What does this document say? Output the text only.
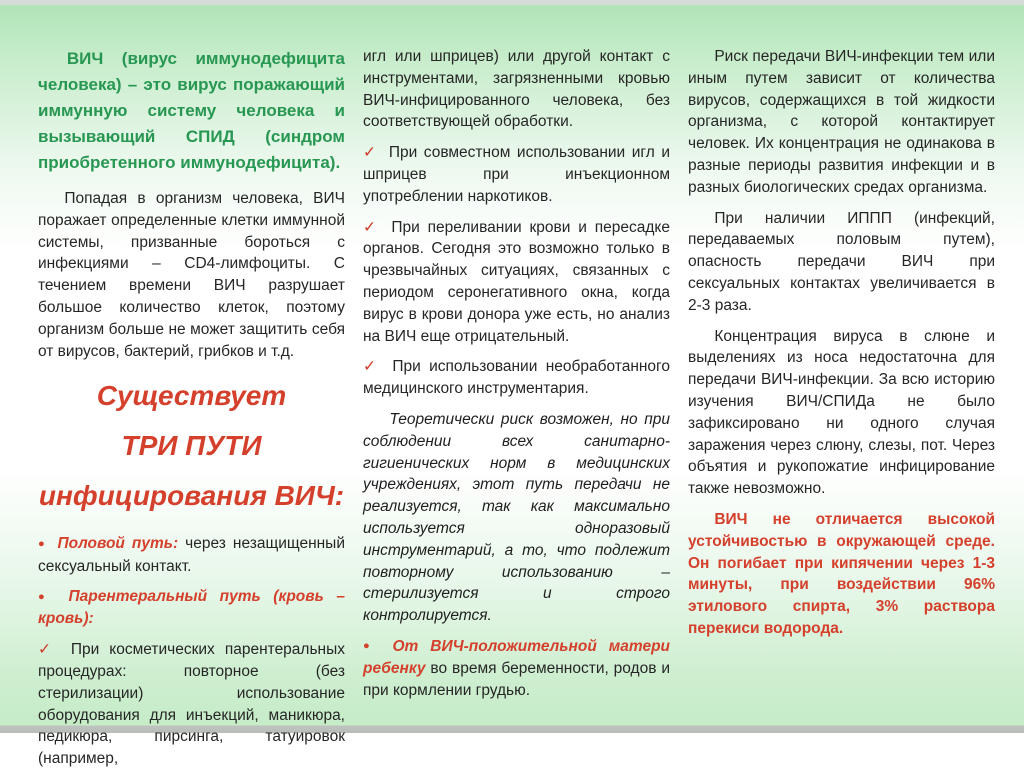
ВИЧ (вирус иммунодефицита человека) – это вирус поражающий иммунную систему человека и вызывающий СПИД (синдром приобретенного иммунодефицита).

Попадая в организм человека, ВИЧ поражает определенные клетки иммунной системы, призванные бороться с инфекциями – CD4-лимфоциты. С течением времени ВИЧ разрушает большое количество клеток, поэтому организм больше не может защитить себя от вирусов, бактерий, грибков и т.д.

Существует
ТРИ ПУТИ
инфицирования ВИЧ:

● Половой путь: через незащищенный сексуальный контакт.

● Парентеральный путь (кровь – кровь):

✓ При косметических парентеральных процедурах: повторное (без стерилизации) использование оборудования для инъекций, маникюра, педикюра, пирсинга, татуировок (например,

игл или шприцев) или другой контакт с инструментами, загрязненными кровью ВИЧ-инфицированного человека, без соответствующей обработки.

✓ При совместном использовании игл и шприцев при инъекционном употреблении наркотиков.

✓ При переливании крови и пересадке органов. Сегодня это возможно только в чрезвычайных ситуациях, связанных с периодом серонегативного окна, когда вирус в крови донора уже есть, но анализ на ВИЧ еще отрицательный.

✓ При использовании необработанного медицинского инструментария.

Теоретически риск возможен, но при соблюдении всех санитарно-гигиенических норм в медицинских учреждениях, этот путь передачи не реализуется, так как максимально используется одноразовый инструментарий, а то, что подлежит повторному использованию – стерилизуется и строго контролируется.

● От ВИЧ-положительной матери ребенку во время беременности, родов и при кормлении грудью.

Риск передачи ВИЧ-инфекции тем или иным путем зависит от количества вирусов, содержащихся в той жидкости организма, с которой контактирует человек. Их концентрация не одинакова в разные периоды развития инфекции и в разных биологических средах организма.

При наличии ИППП (инфекций, передаваемых половым путем), опасность передачи ВИЧ при сексуальных контактах увеличивается в 2-3 раза.

Концентрация вируса в слюне и выделениях из носа недостаточна для передачи ВИЧ-инфекции. За всю историю изучения ВИЧ/СПИДа не было зафиксировано ни одного случая заражения через слюну, слезы, пот. Через объятия и рукопожатие инфицирование также невозможно.

ВИЧ не отличается высокой устойчивостью в окружающей среде. Он погибает при кипячении через 1-3 минуты, при воздействии 96% этилового спирта, 3% раствора перекиси водорода.
